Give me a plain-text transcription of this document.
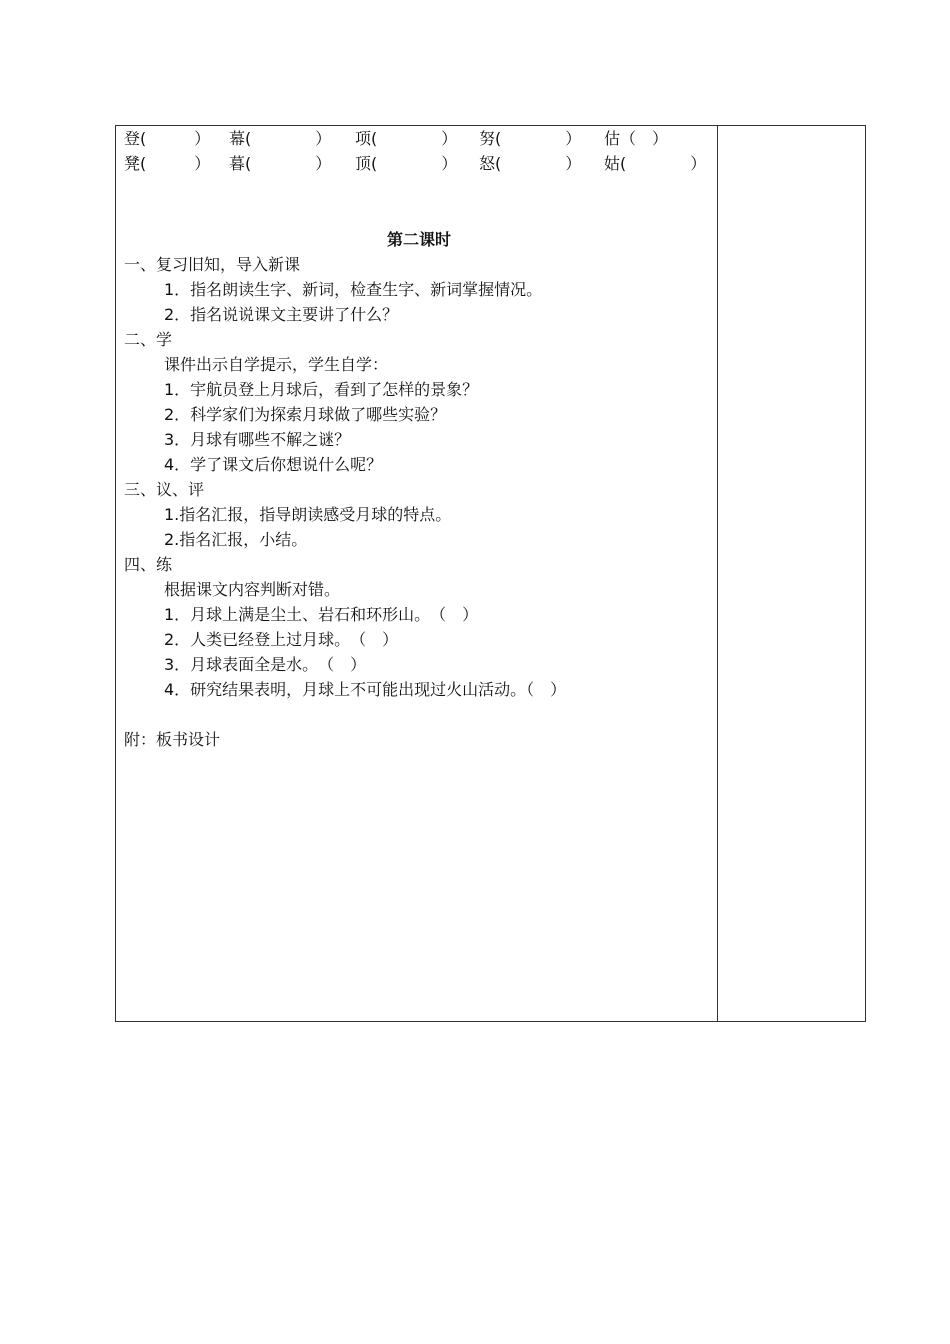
登(　　　）

幕(　　　　）

项(　　　　）

努(　　　　）

估（　）

凳(　　　）

暮(　　　　）

顶(　　　　）

怒(　　　　）

姑(　　　　）

第二课时
一、复习旧知，导入新课
1．指名朗读生字、新词，检查生字、新词掌握情况。
2．指名说说课文主要讲了什么？
二、学
课件出示自学提示，学生自学：
1．宇航员登上月球后，看到了怎样的景象？
2．科学家们为探索月球做了哪些实验？
3．月球有哪些不解之谜？
4．学了课文后你想说什么呢？
三、议、评
1.指名汇报，指导朗读感受月球的特点。
2.指名汇报，小结。
四、练
根据课文内容判断对错。
1．月球上满是尘土、岩石和环形山。　（　）
2．人类已经登上过月球。　（　）
3．月球表面全是水。　（　）
4．研究结果表明，月球上不可能出现过火山活动。（　）
附：板书设计
